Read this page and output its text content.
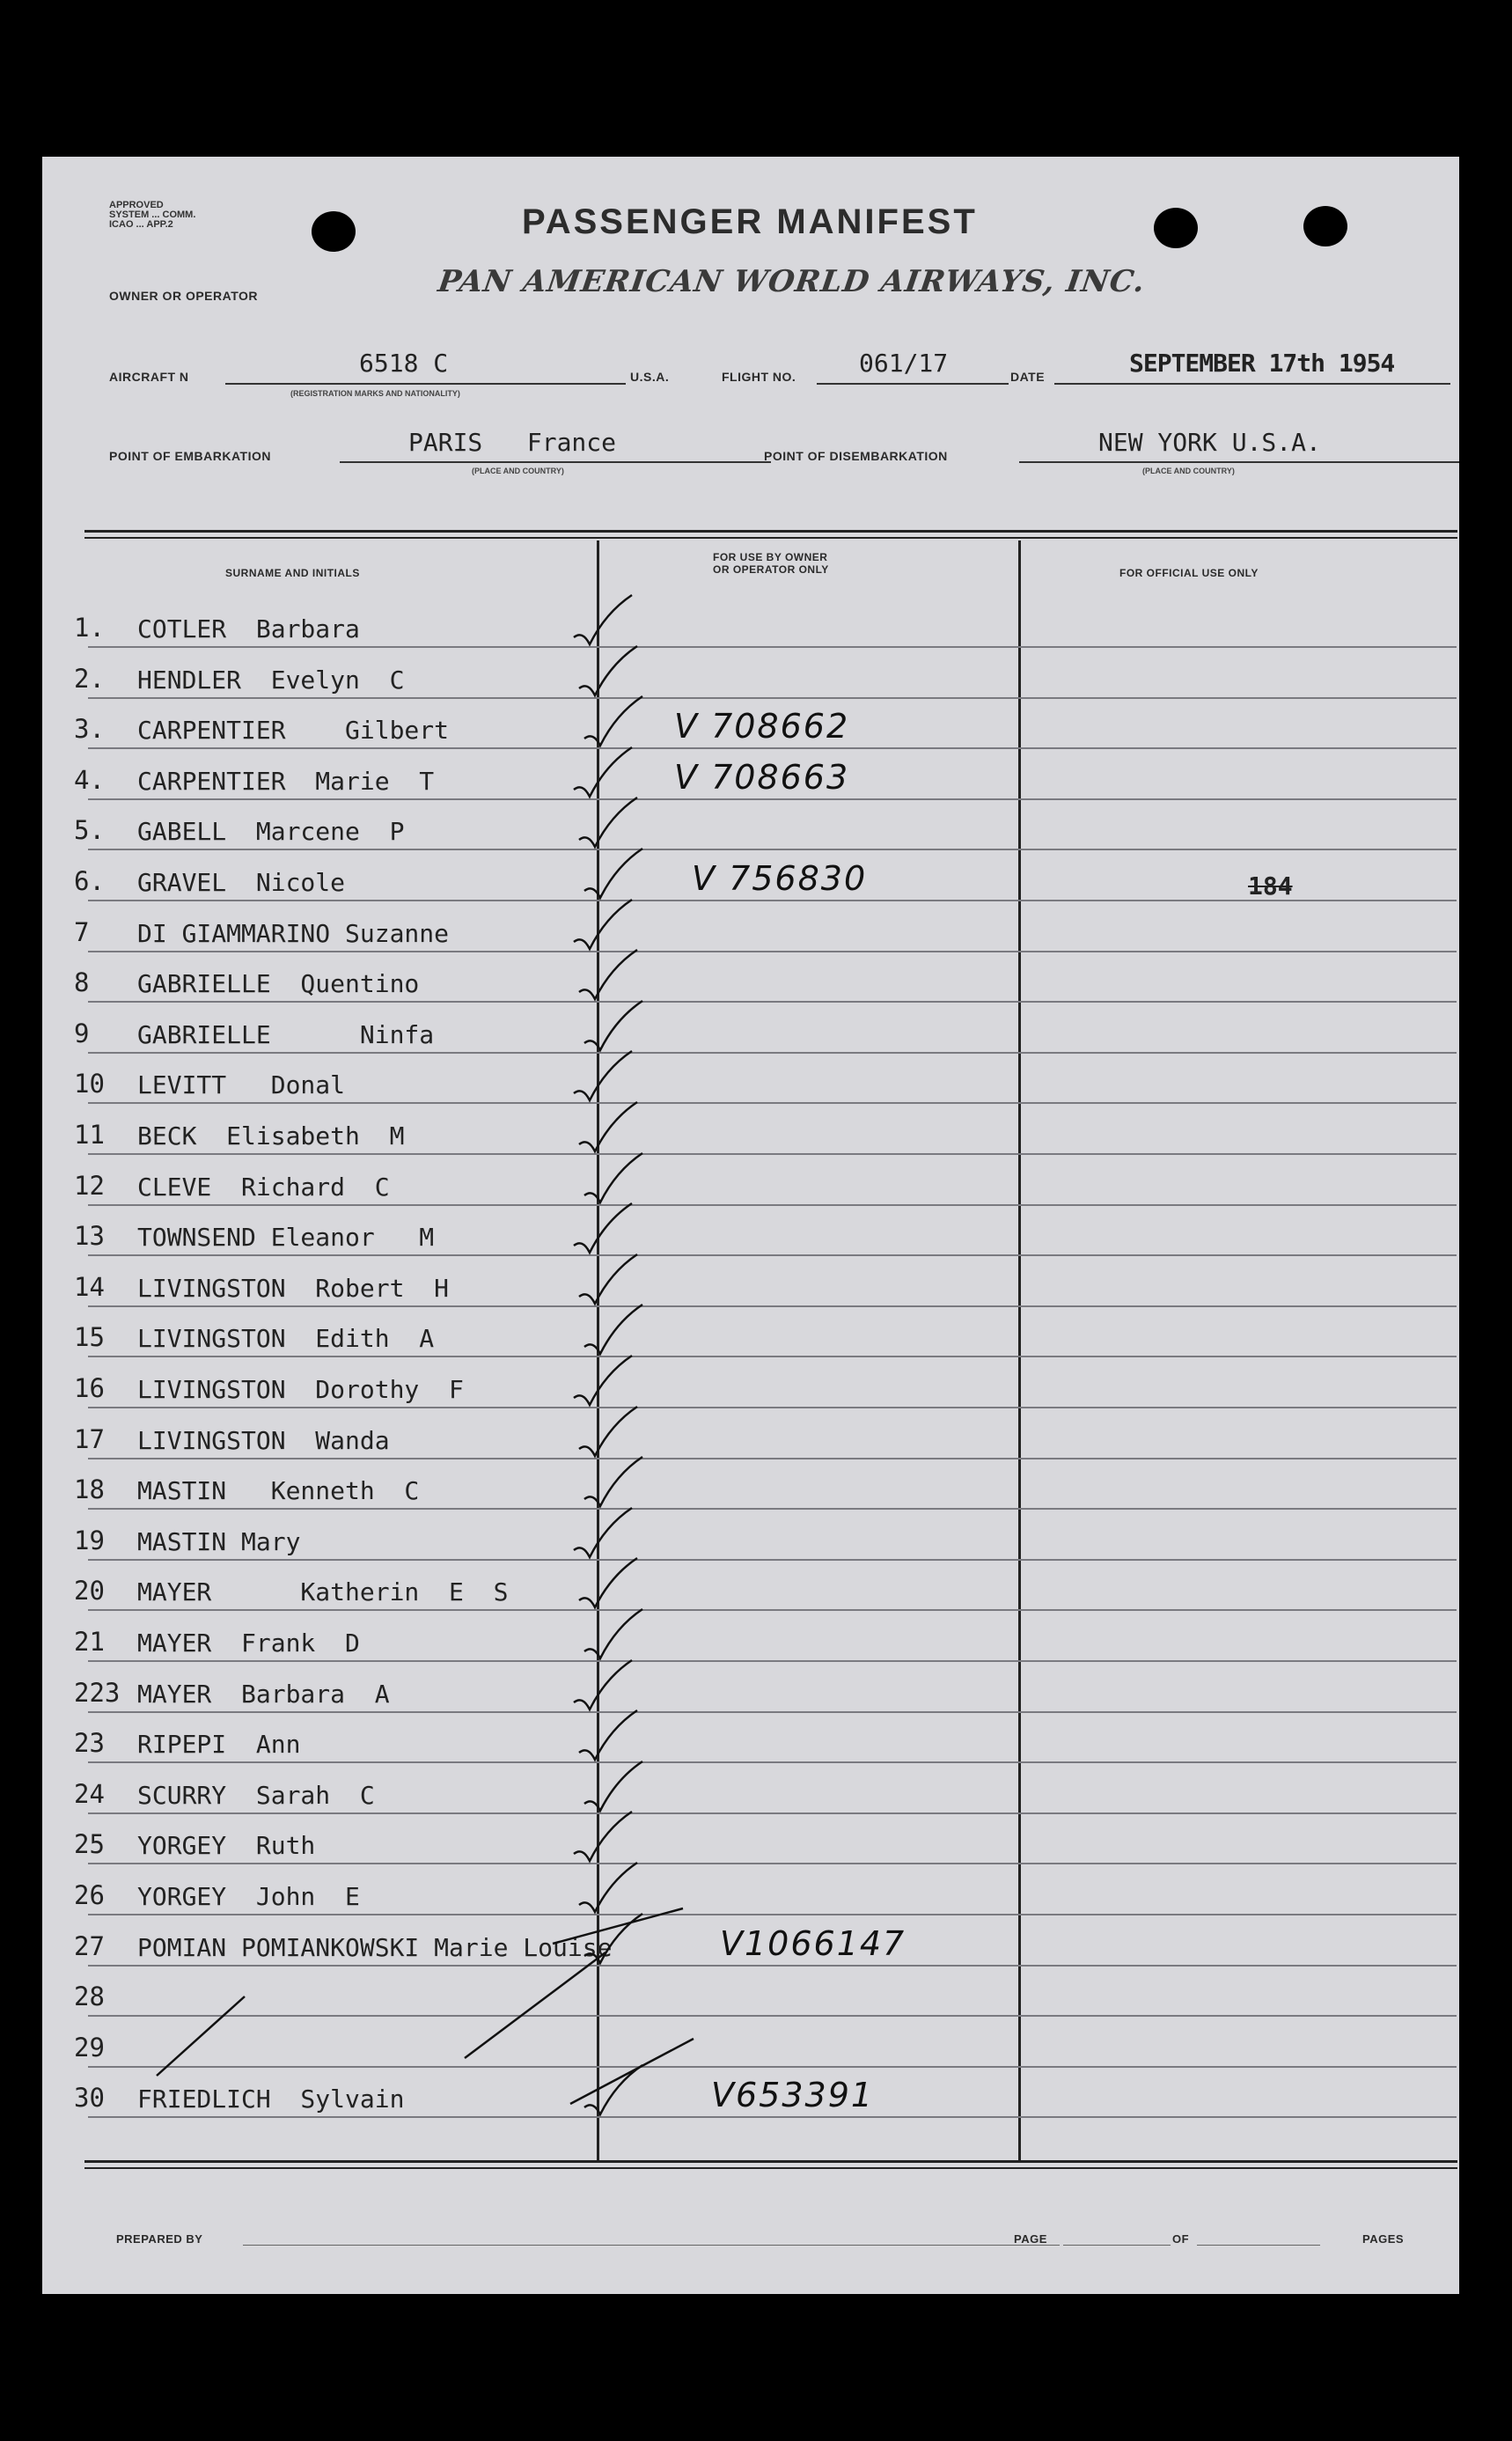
APPROVED
SYSTEM ... COMM.
ICAO ... APP.2	PASSENGER MANIFEST
OWNER OR OPERATOR	PAN AMERICAN WORLD AIRWAYS, INC.
AIRCRAFT N	6518 C
(REGISTRATION MARKS AND NATIONALITY)
U.S.A.	FLIGHT NO.	061/17	DATE	SEPTEMBER 17th 1954
POINT OF EMBARKATION	PARIS   France
(PLACE AND COUNTRY)
POINT OF DISEMBARKATION	NEW YORK U.S.A.
(PLACE AND COUNTRY)
SURNAME AND INITIALS
FOR USE BY OWNER
OR OPERATOR ONLY	FOR OFFICIAL USE ONLY
1. COTLER  Barbara
2. HENDLER  Evelyn  C
3. CARPENTIER    Gilbert	V 708662
4. CARPENTIER  Marie  T	V 708663
5. GABELL  Marcene  P
6. GRAVEL  Nicole	V 756830	184
7 DI GIAMMARINO Suzanne
8 GABRIELLE  Quentino
9 GABRIELLE      Ninfa
10 LEVITT   Donal
11 BECK  Elisabeth  M
12 CLEVE  Richard  C
13 TOWNSEND Eleanor   M
14 LIVINGSTON  Robert  H
15 LIVINGSTON  Edith  A
16 LIVINGSTON  Dorothy  F
17 LIVINGSTON  Wanda
18 MASTIN   Kenneth  C
19 MASTIN Mary
20 MAYER      Katherin  E  S
21 MAYER  Frank  D
223 MAYER  Barbara  A
23 RIPEPI  Ann
24 SCURRY  Sarah  C
25 YORGEY  Ruth
26 YORGEY  John  E
27 POMIAN POMIANKOWSKI Marie Louise	V1066147
28
29
30 FRIEDLICH  Sylvain	V653391
PREPARED BY	PAGE	OF	PAGES
